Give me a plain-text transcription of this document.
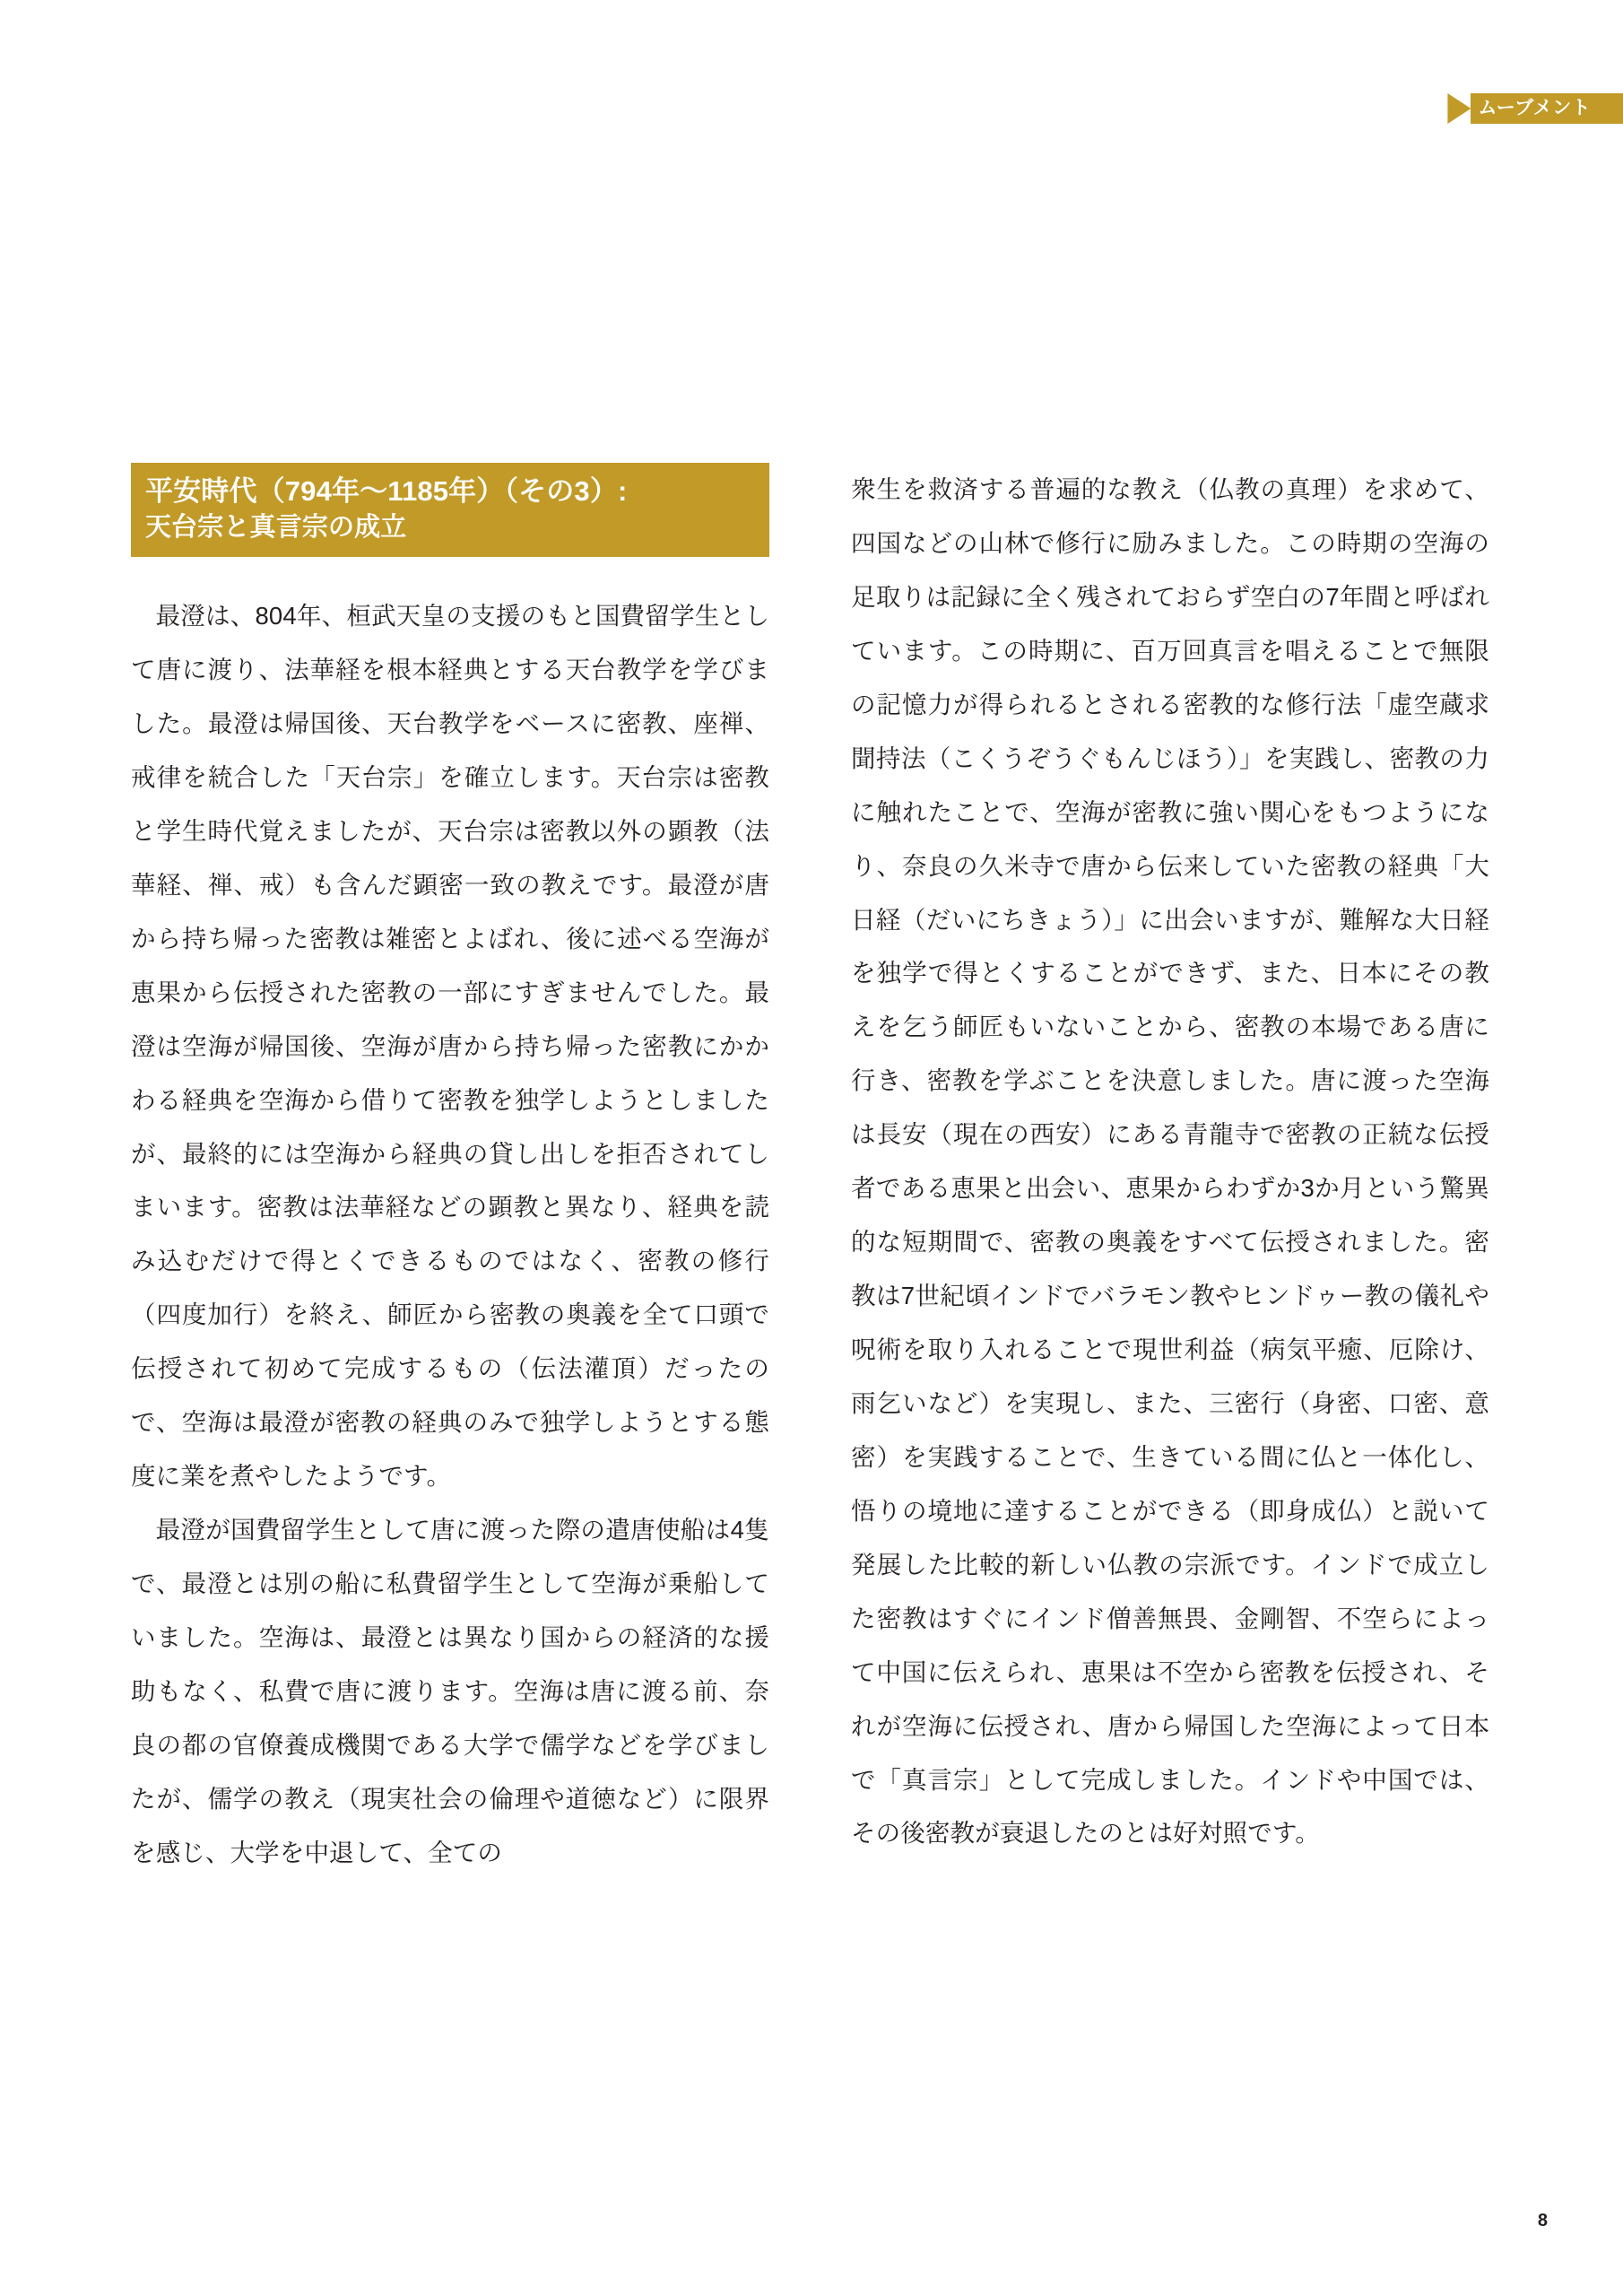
ムーブメント
平安時代（794年〜1185年）（その3）:
天台宗と真言宗の成立

最澄は、804年、桓武天皇の支援のもと国費留学生として唐に渡り、法華経を根本経典とする天台教学を学びました。最澄は帰国後、天台教学をベースに密教、座禅、戒律を統合した「天台宗」を確立します。天台宗は密教と学生時代覚えましたが、天台宗は密教以外の顕教（法華経、禅、戒）も含んだ顕密一致の教えです。最澄が唐から持ち帰った密教は雑密とよばれ、後に述べる空海が恵果から伝授された密教の一部にすぎませんでした。最澄は空海が帰国後、空海が唐から持ち帰った密教にかかわる経典を空海から借りて密教を独学しようとしましたが、最終的には空海から経典の貸し出しを拒否されてしまいます。密教は法華経などの顕教と異なり、経典を読み込むだけで得とくできるものではなく、密教の修行（四度加行）を終え、師匠から密教の奥義を全て口頭で伝授されて初めて完成するもの（伝法灌頂）だったので、空海は最澄が密教の経典のみで独学しようとする態度に業を煮やしたようです。

最澄が国費留学生として唐に渡った際の遣唐使船は4隻で、最澄とは別の船に私費留学生として空海が乗船していました。空海は、最澄とは異なり国からの経済的な援助もなく、私費で唐に渡ります。空海は唐に渡る前、奈良の都の官僚養成機関である大学で儒学などを学びましたが、儒学の教え（現実社会の倫理や道徳など）に限界を感じ、大学を中退して、全ての

衆生を救済する普遍的な教え（仏教の真理）を求めて、四国などの山林で修行に励みました。この時期の空海の足取りは記録に全く残されておらず空白の7年間と呼ばれています。この時期に、百万回真言を唱えることで無限の記憶力が得られるとされる密教的な修行法「虚空蔵求聞持法（こくうぞうぐもんじほう）」を実践し、密教の力に触れたことで、空海が密教に強い関心をもつようになり、奈良の久米寺で唐から伝来していた密教の経典「大日経（だいにちきょう）」に出会いますが、難解な大日経を独学で得とくすることができず、また、日本にその教えを乞う師匠もいないことから、密教の本場である唐に行き、密教を学ぶことを決意しました。唐に渡った空海は長安（現在の西安）にある青龍寺で密教の正統な伝授者である恵果と出会い、恵果からわずか3か月という驚異的な短期間で、密教の奥義をすべて伝授されました。密教は7世紀頃インドでバラモン教やヒンドゥー教の儀礼や呪術を取り入れることで現世利益（病気平癒、厄除け、雨乞いなど）を実現し、また、三密行（身密、口密、意密）を実践することで、生きている間に仏と一体化し、悟りの境地に達することができる（即身成仏）と説いて発展した比較的新しい仏教の宗派です。インドで成立した密教はすぐにインド僧善無畏、金剛智、不空らによって中国に伝えられ、恵果は不空から密教を伝授され、それが空海に伝授され、唐から帰国した空海によって日本で「真言宗」として完成しました。インドや中国では、その後密教が衰退したのとは好対照です。

8
